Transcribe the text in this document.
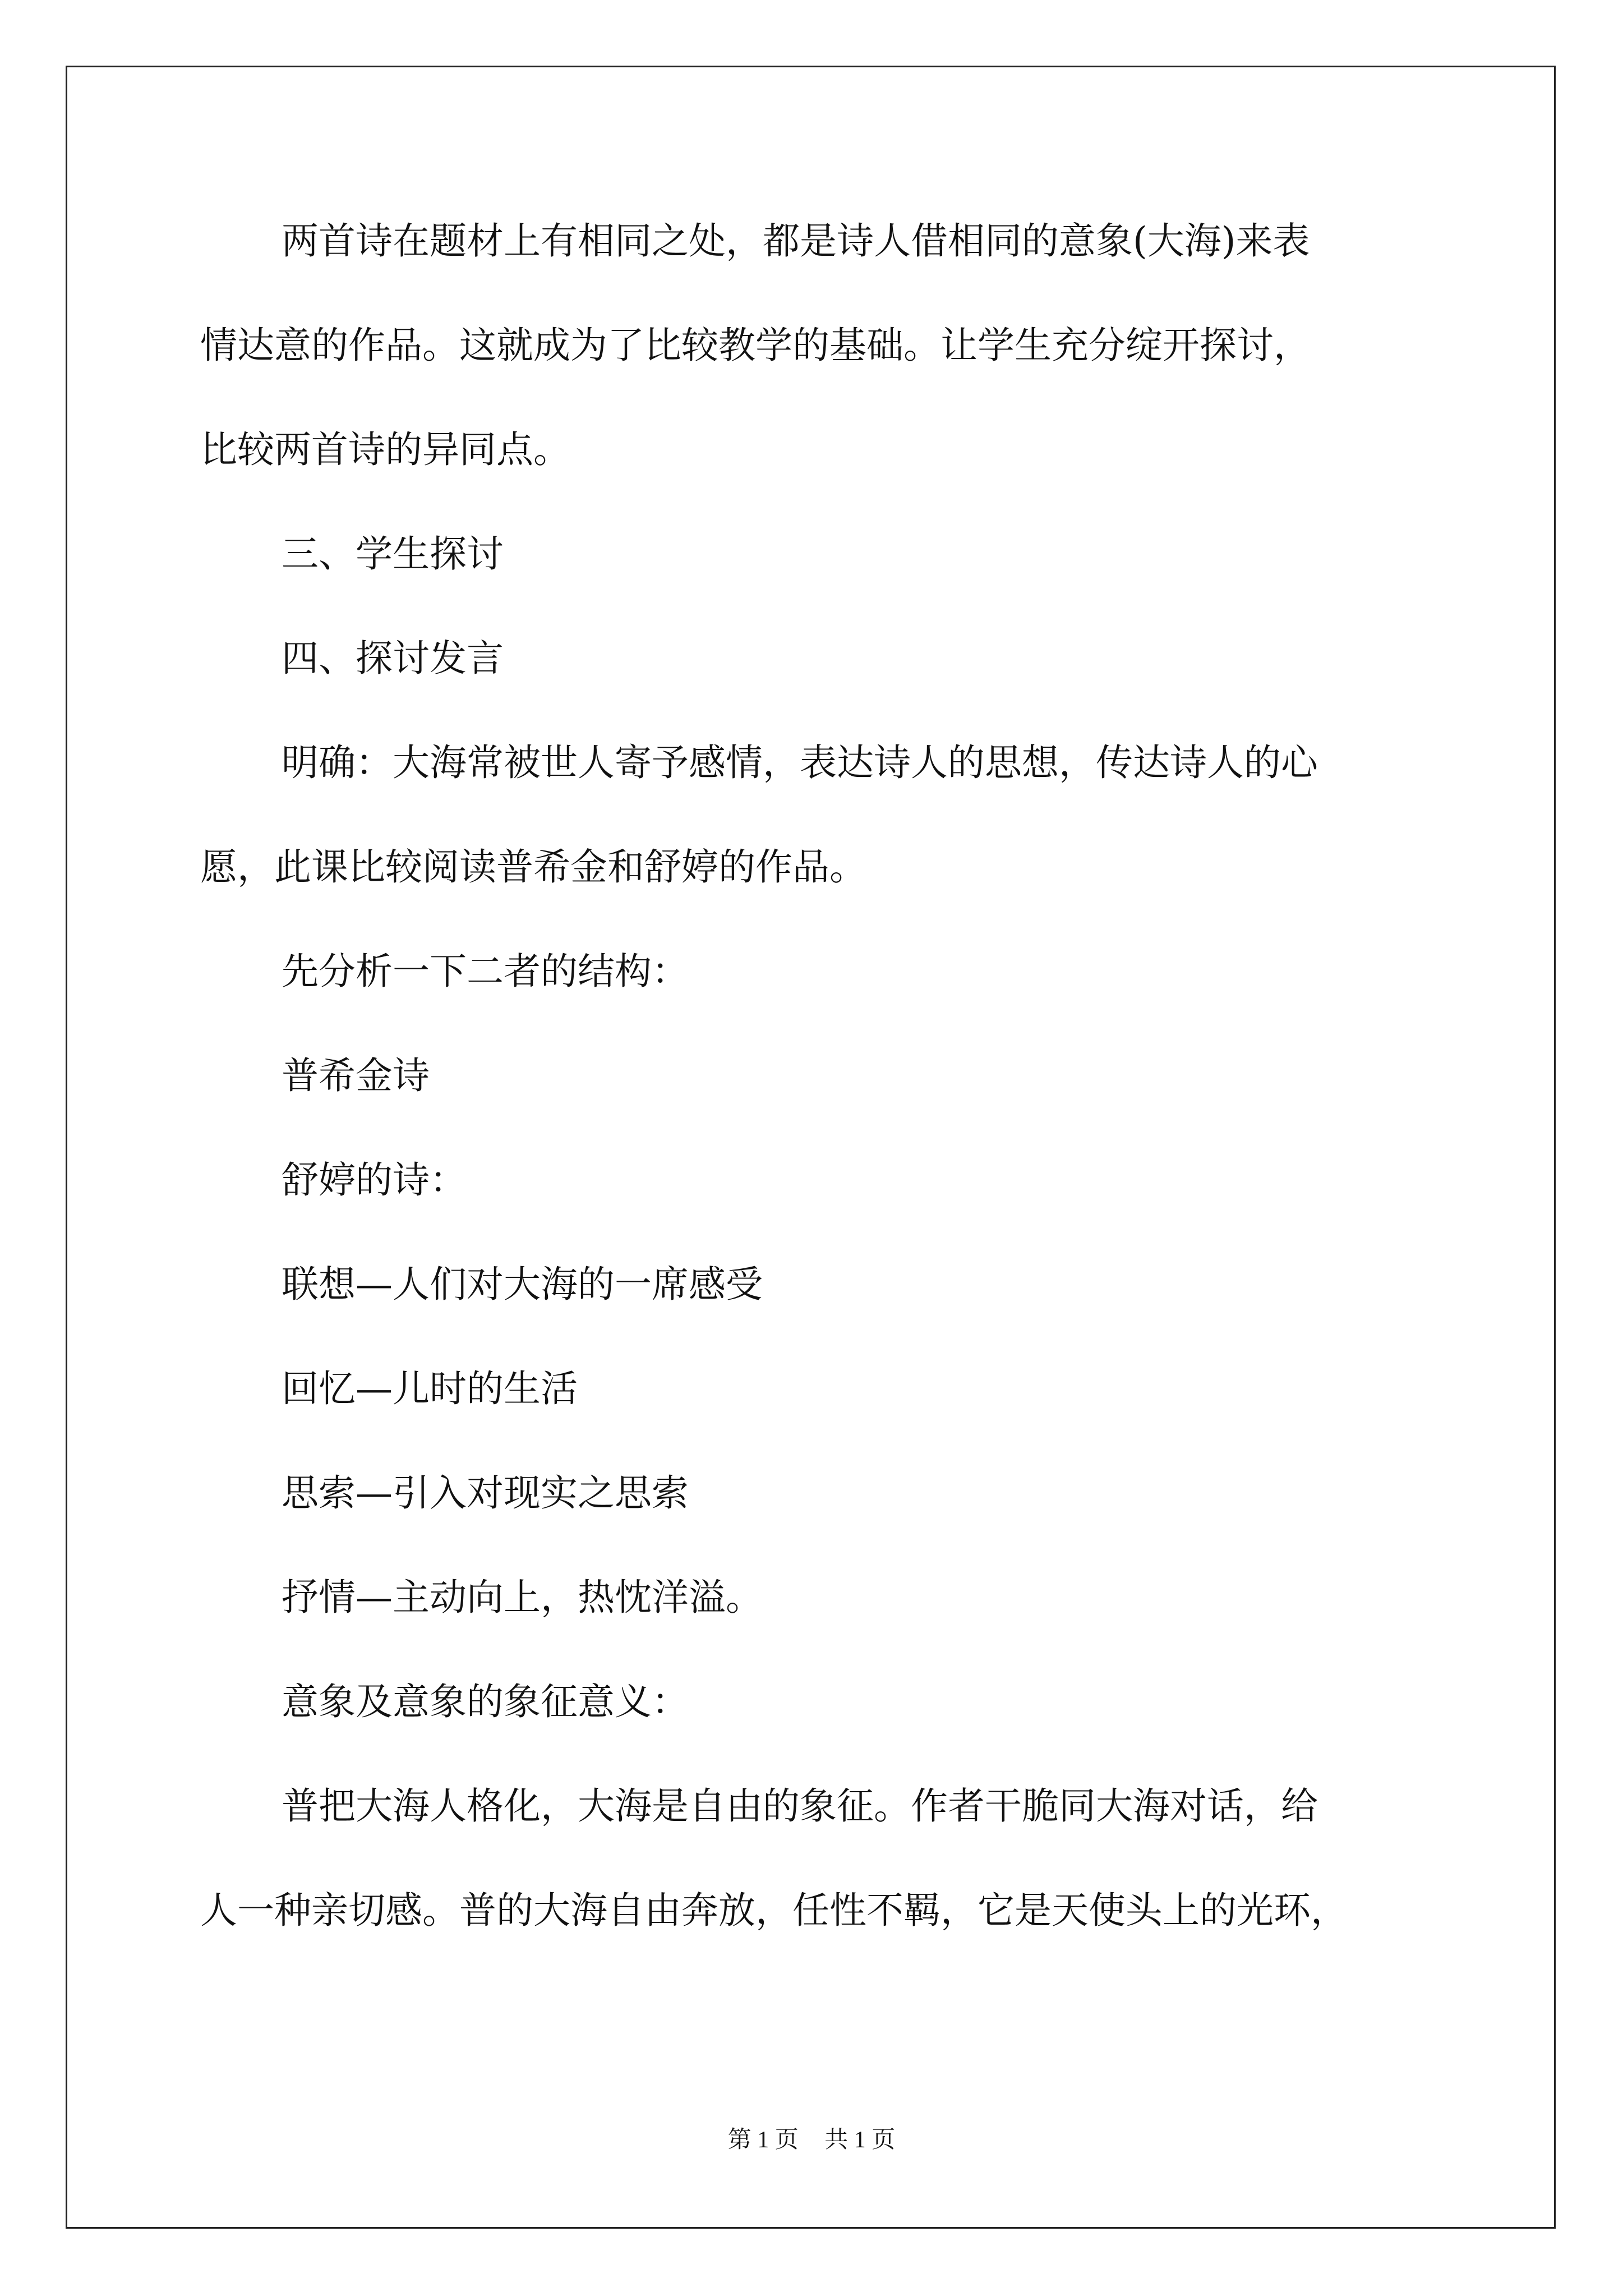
两首诗在题材上有相同之处，都是诗人借相同的意象(大海)来表
情达意的作品。这就成为了比较教学的基础。让学生充分绽开探讨，
比较两首诗的异同点。
三、学生探讨
四、探讨发言
明确：大海常被世人寄予感情，表达诗人的思想，传达诗人的心
愿，此课比较阅读普希金和舒婷的作品。
先分析一下二者的结构：
普希金诗
舒婷的诗：
联想—人们对大海的一席感受
回忆—儿时的生活
思索—引入对现实之思索
抒情—主动向上，热忱洋溢。
意象及意象的象征意义：
普把大海人格化，大海是自由的象征。作者干脆同大海对话，给
人一种亲切感。普的大海自由奔放，任性不羁，它是天使头上的光环，
第 1 页 共 1 页
